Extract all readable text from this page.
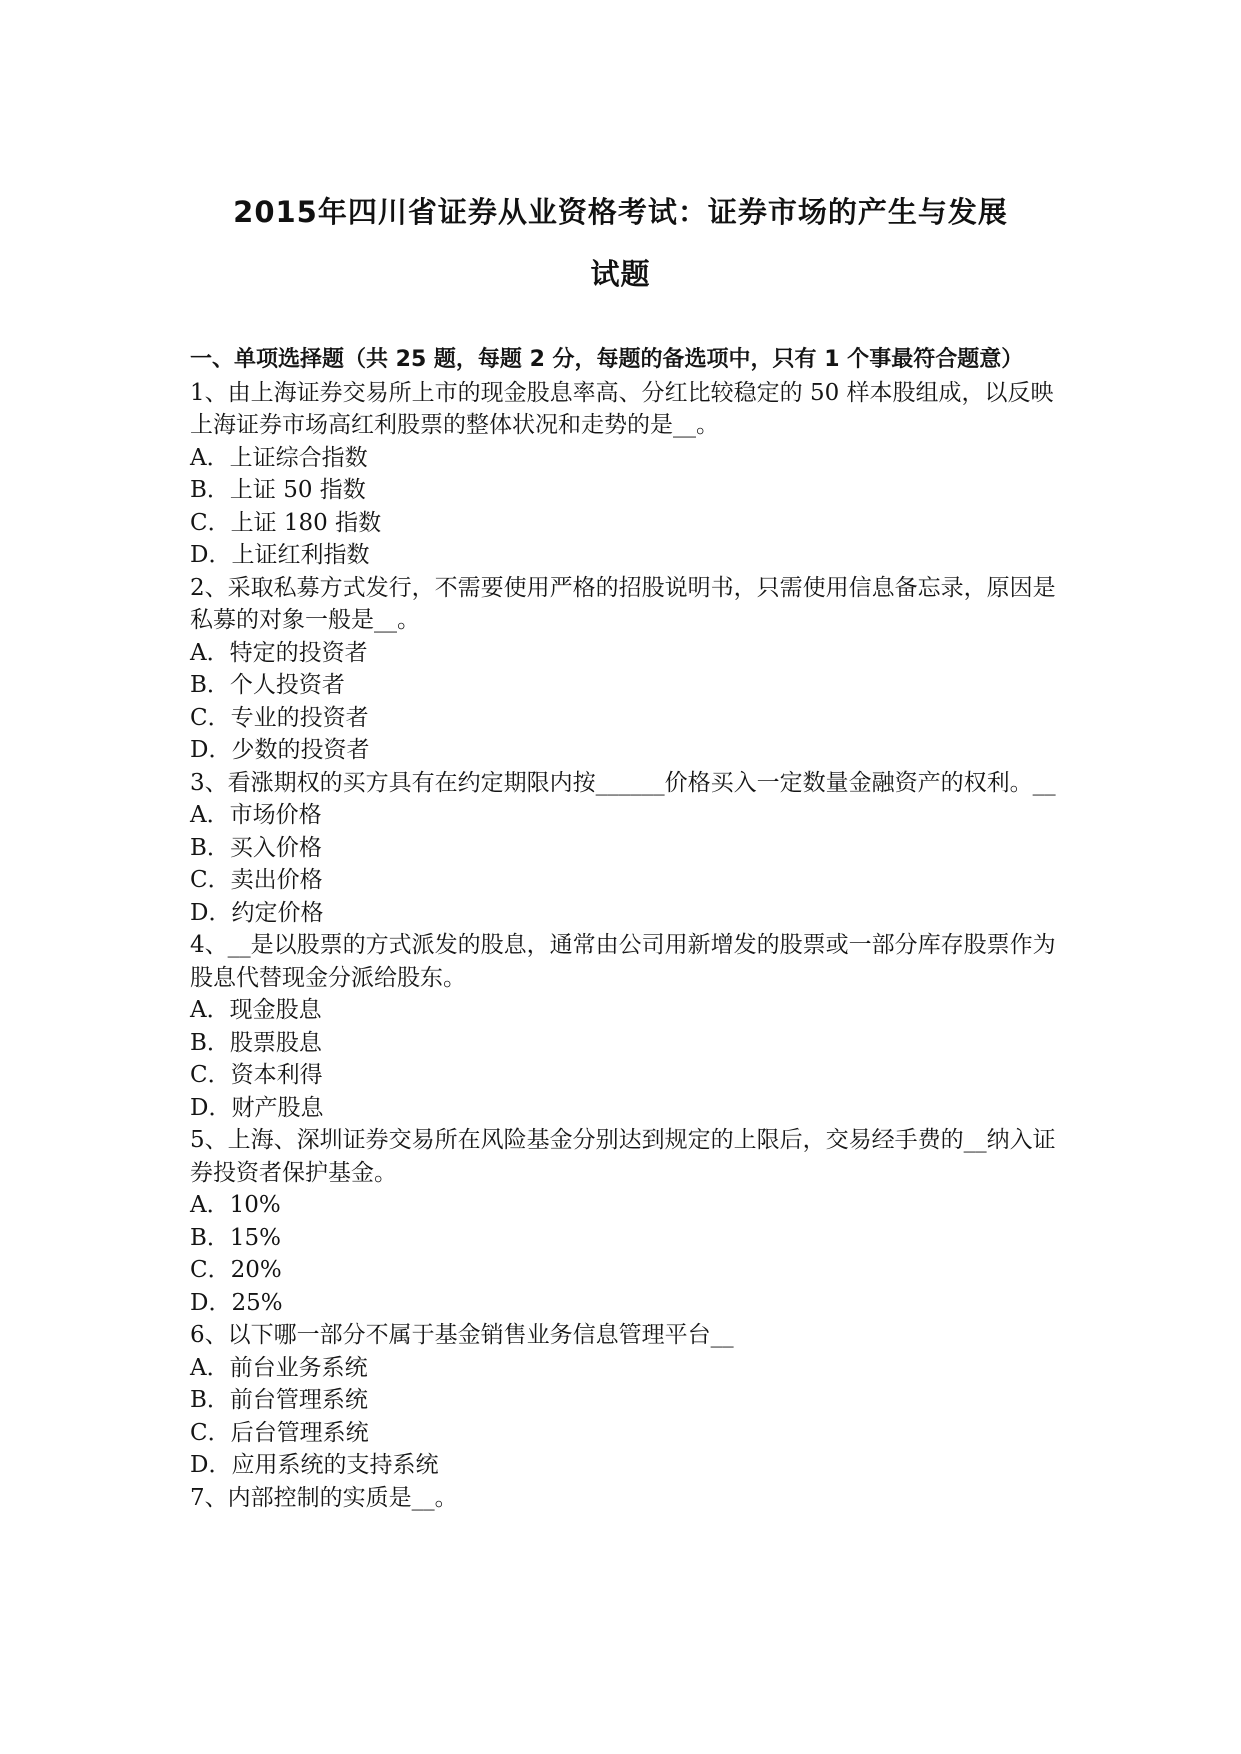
2015年四川省证券从业资格考试：证券市场的产生与发展
试题
一、单项选择题（共 25 题，每题 2 分，每题的备选项中，只有 1 个事最符合题意）

1、由上海证券交易所上市的现金股息率高、分红比较稳定的 50 样本股组成，以反映上海证券市场高红利股票的整体状况和走势的是__。

A．上证综合指数

B．上证 50 指数

C．上证 180 指数

D．上证红利指数

2、采取私募方式发行，不需要使用严格的招股说明书，只需使用信息备忘录，原因是私募的对象一般是__。

A．特定的投资者

B．个人投资者

C．专业的投资者

D．少数的投资者

3、看涨期权的买方具有在约定期限内按______价格买入一定数量金融资产的权利。__

A．市场价格

B．买入价格

C．卖出价格

D．约定价格

4、__是以股票的方式派发的股息，通常由公司用新增发的股票或一部分库存股票作为股息代替现金分派给股东。

A．现金股息

B．股票股息

C．资本利得

D．财产股息

5、上海、深圳证券交易所在风险基金分别达到规定的上限后，交易经手费的__纳入证券投资者保护基金。

A．10%

B．15%

C．20%

D．25%

6、以下哪一部分不属于基金销售业务信息管理平台__

A．前台业务系统

B．前台管理系统

C．后台管理系统

D．应用系统的支持系统

7、内部控制的实质是__。
